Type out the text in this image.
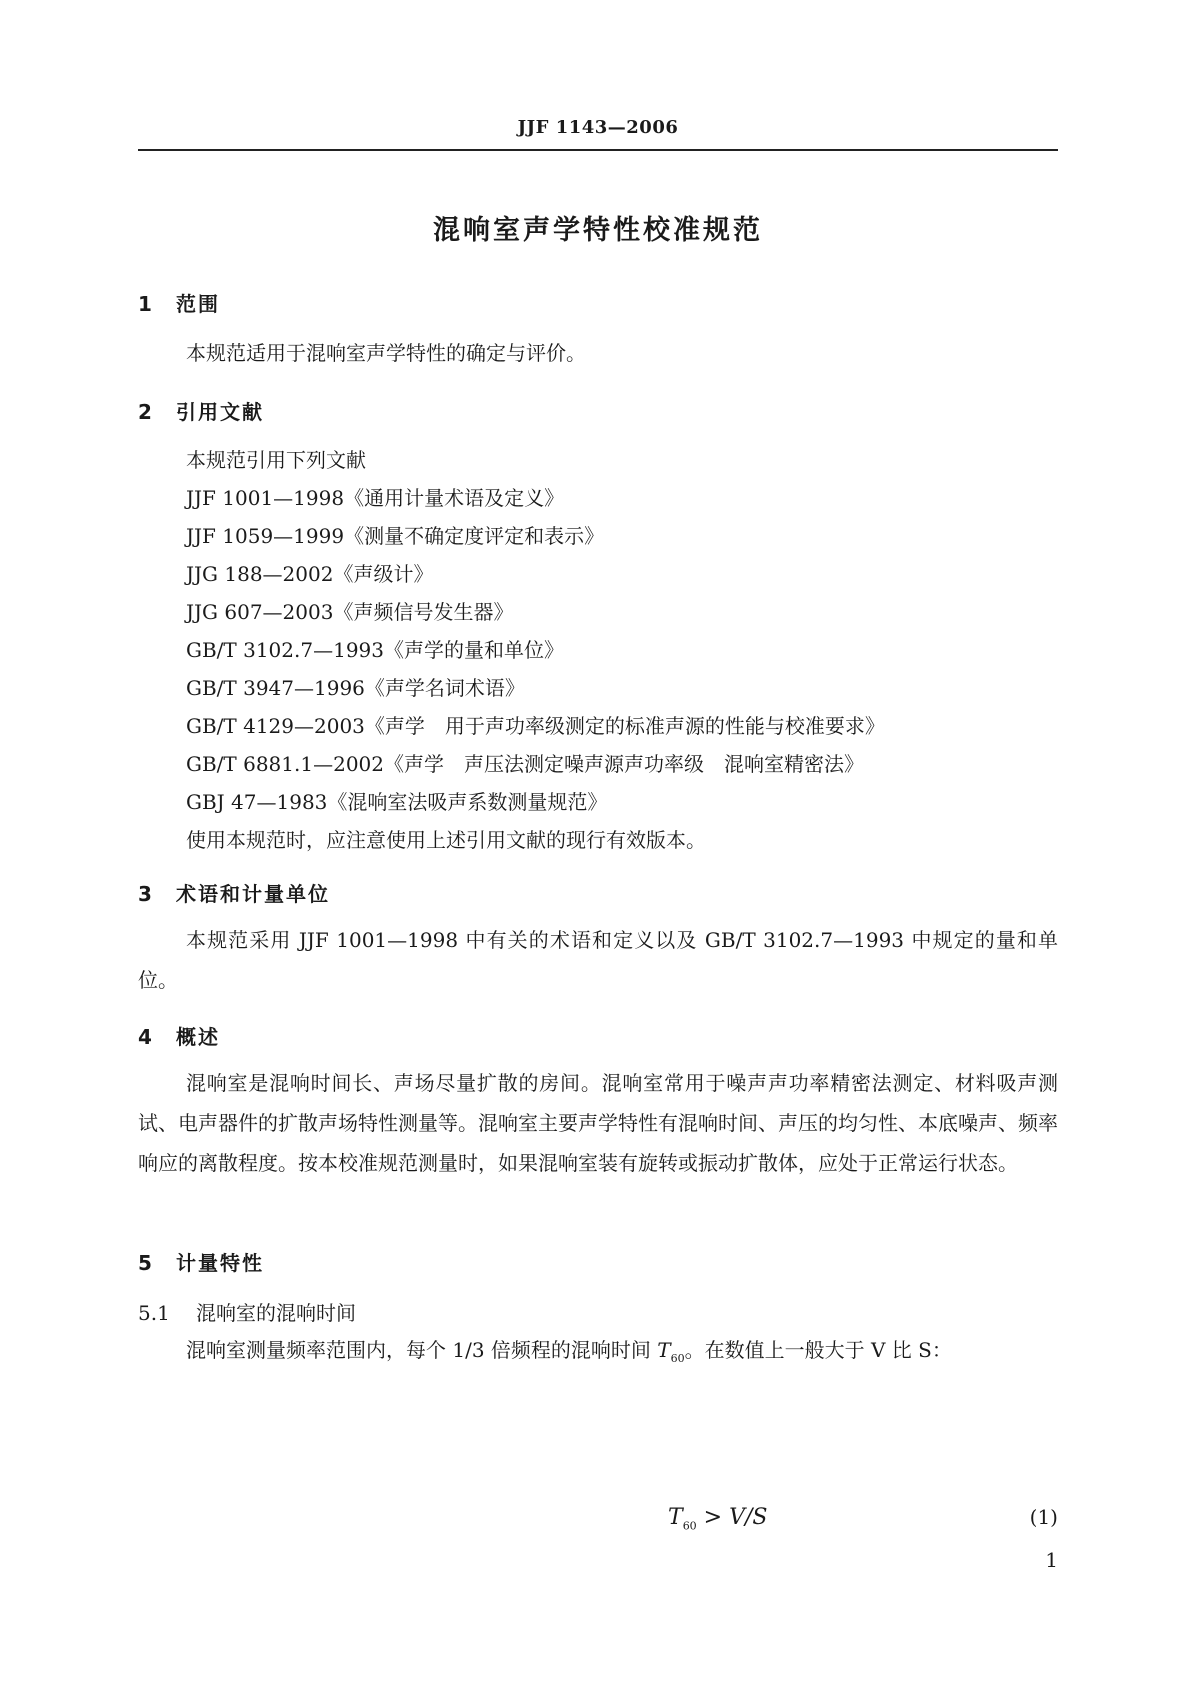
JJF 1143—2006
混响室声学特性校准规范
1 范围
本规范适用于混响室声学特性的确定与评价。
2 引用文献
本规范引用下列文献
JJF 1001—1998《通用计量术语及定义》
JJF 1059—1999《测量不确定度评定和表示》
JJG 188—2002《声级计》
JJG 607—2003《声频信号发生器》
GB/T 3102.7—1993《声学的量和单位》
GB/T 3947—1996《声学名词术语》
GB/T 4129—2003《声学　用于声功率级测定的标准声源的性能与校准要求》
GB/T 6881.1—2002《声学　声压法测定噪声源声功率级　混响室精密法》
GBJ 47—1983《混响室法吸声系数测量规范》
使用本规范时，应注意使用上述引用文献的现行有效版本。
3 术语和计量单位
本规范采用 JJF 1001—1998 中有关的术语和定义以及 GB/T 3102.7—1993 中规定的量和单位。
4 概述
混响室是混响时间长、声场尽量扩散的房间。混响室常用于噪声声功率精密法测定、材料吸声测试、电声器件的扩散声场特性测量等。混响室主要声学特性有混响时间、声压的均匀性、本底噪声、频率响应的离散程度。按本校准规范测量时，如果混响室装有旋转或振动扩散体，应处于正常运行状态。
5 计量特性
5.1 混响室的混响时间
混响室测量频率范围内，每个 1/3 倍频程的混响时间 $T_{60}$。在数值上一般大于 V 比 S：
$T_{60} > V/S$	(1)
1
